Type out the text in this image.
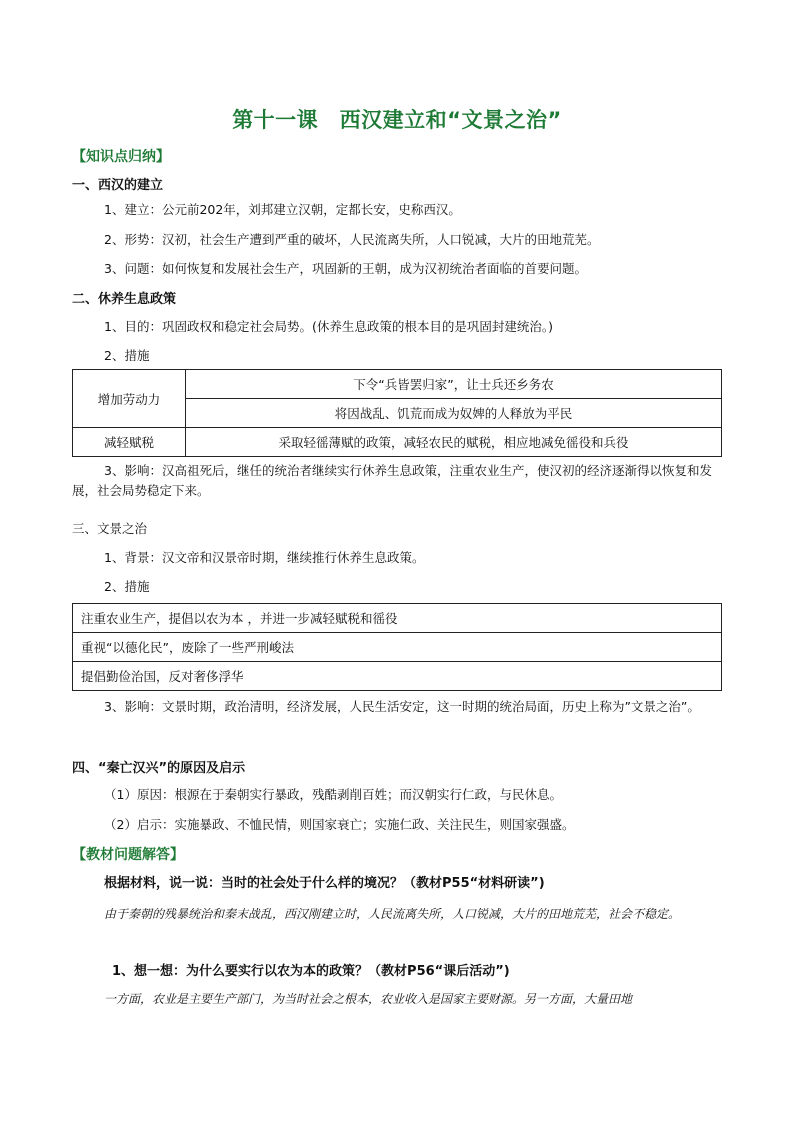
第十一课　西汉建立和“文景之治”
【知识点归纳】
一、西汉的建立
1、建立：公元前202年，刘邦建立汉朝，定都长安，史称西汉。
2、形势：汉初，社会生产遭到严重的破坏，人民流离失所，人口锐减，大片的田地荒芜。
3、问题：如何恢复和发展社会生产，巩固新的王朝，成为汉初统治者面临的首要问题。
二、休养生息政策
1、目的：巩固政权和稳定社会局势。(休养生息政策的根本目的是巩固封建统治。)
2、措施
增加劳动力	下令“兵皆罢归家”，让士兵还乡务农
	将因战乱、饥荒而成为奴婢的人释放为平民
减轻赋税	采取轻徭薄赋的政策，减轻农民的赋税，相应地减免徭役和兵役
3、影响：汉高祖死后，继任的统治者继续实行休养生息政策，注重农业生产，使汉初的经济逐渐得以恢复和发展，社会局势稳定下来。
三、文景之治
1、背景：汉文帝和汉景帝时期，继续推行休养生息政策。
2、措施
注重农业生产，提倡以农为本 ，并进一步减轻赋税和徭役
重视“以德化民”，废除了一些严刑峻法
提倡勤俭治国，反对奢侈浮华
3、影响：文景时期，政治清明，经济发展，人民生活安定，这一时期的统治局面，历史上称为”文景之治”。
四、“秦亡汉兴”的原因及启示
（1）原因：根源在于秦朝实行暴政，残酷剥削百姓；而汉朝实行仁政，与民休息。
（2）启示：实施暴政、不恤民情，则国家衰亡；实施仁政、关注民生，则国家强盛。
【教材问题解答】
根据材料，说一说：当时的社会处于什么样的境况？（教材P55“材料研读”)
由于秦朝的残暴统治和秦末战乱，西汉刚建立时，人民流离失所，人口锐减，大片的田地荒芜，社会不稳定。
1、想一想：为什么要实行以农为本的政策？（教材P56“课后活动”)
一方面，农业是主要生产部门，为当时社会之根本，农业收入是国家主要财源。另一方面，大量田地
